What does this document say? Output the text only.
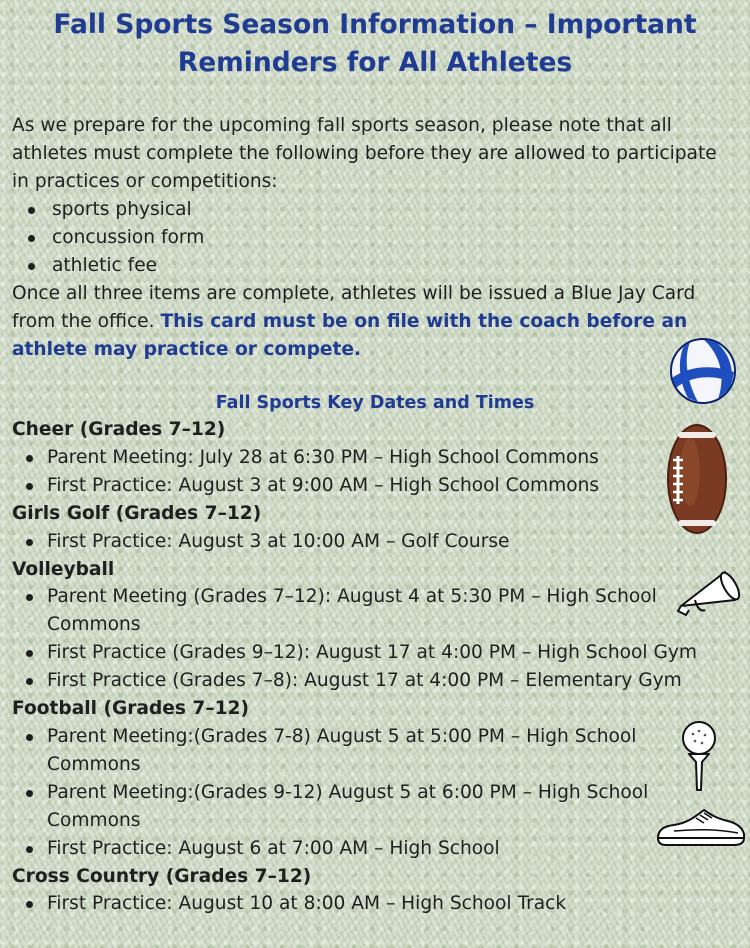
Fall Sports Season Information – Important
Reminders for All Athletes

As we prepare for the upcoming fall sports season, please note that all athletes must complete the following before they are allowed to participate in practices or competitions:

sports physical
concussion form
athletic fee

Once all three items are complete, athletes will be issued a Blue Jay Card from the office. This card must be on file with the coach before an athlete may practice or compete.

Fall Sports Key Dates and Times
Cheer (Grades 7–12)
Parent Meeting: July 28 at 6:30 PM – High School Commons
First Practice: August 3 at 9:00 AM – High School Commons
Girls Golf (Grades 7–12)
First Practice: August 3 at 10:00 AM – Golf Course
Volleyball
Parent Meeting (Grades 7–12): August 4 at 5:30 PM – High School Commons
First Practice (Grades 9–12): August 17 at 4:00 PM – High School Gym
First Practice (Grades 7–8): August 17 at 4:00 PM – Elementary Gym
Football (Grades 7–12)
Parent Meeting:(Grades 7-8) August 5 at 5:00 PM – High School Commons
Parent Meeting:(Grades 9-12) August 5 at 6:00 PM – High School Commons
First Practice: August 6 at 7:00 AM – High School
Cross Country (Grades 7–12)
First Practice: August 10 at 8:00 AM – High School Track
